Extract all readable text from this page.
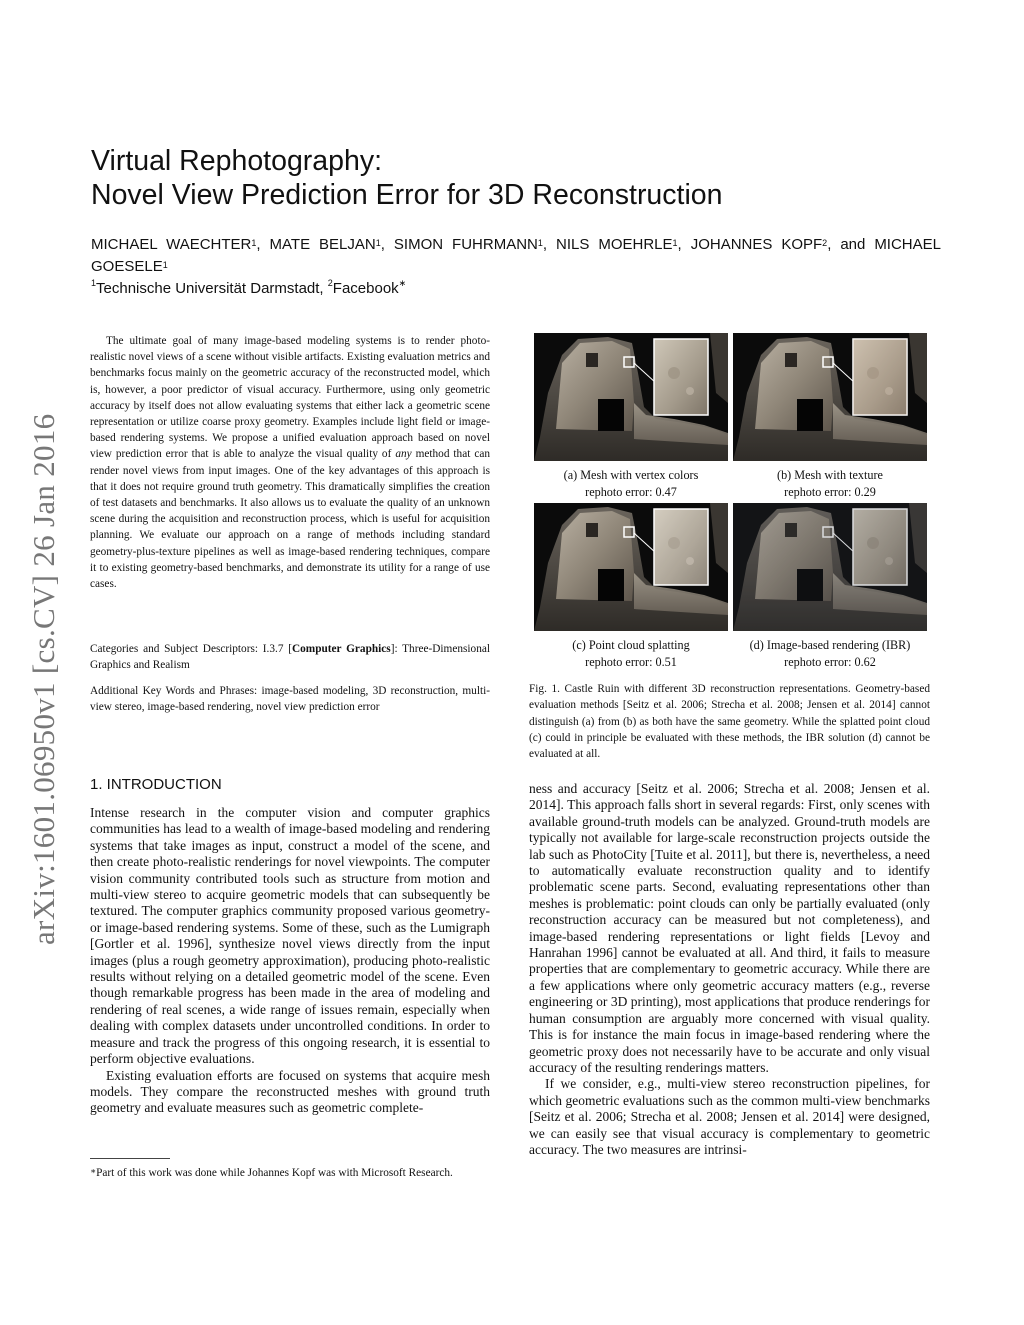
arXiv:1601.06950v1 [cs.CV] 26 Jan 2016
Virtual Rephotography:
Novel View Prediction Error for 3D Reconstruction
MICHAEL WAECHTER$^1$, MATE BELJAN$^1$, SIMON FUHRMANN$^1$, NILS MOEHRLE$^1$, JOHANNES KOPF$^2$, and MICHAEL GOESELE$^1$
$^1$Technische Universität Darmstadt, $^2$Facebook∗

The ultimate goal of many image-based modeling systems is to render photo-realistic novel views of a scene without visible artifacts. Existing evaluation metrics and benchmarks focus mainly on the geometric accuracy of the reconstructed model, which is, however, a poor predictor of visual accuracy. Furthermore, using only geometric accuracy by itself does not allow evaluating systems that either lack a geometric scene representation or utilize coarse proxy geometry. Examples include light field or image-based rendering systems. We propose a unified evaluation approach based on novel view prediction error that is able to analyze the visual quality of any method that can render novel views from input images. One of the key advantages of this approach is that it does not require ground truth geometry. This dramatically simplifies the creation of test datasets and benchmarks. It also allows us to evaluate the quality of an unknown scene during the acquisition and reconstruction process, which is useful for acquisition planning. We evaluate our approach on a range of methods including standard geometry-plus-texture pipelines as well as image-based rendering techniques, compare it to existing geometry-based benchmarks, and demonstrate its utility for a range of use cases.

Categories and Subject Descriptors: I.3.7 [Computer Graphics]: Three-Dimensional Graphics and Realism

Additional Key Words and Phrases: image-based modeling, 3D reconstruction, multi-view stereo, image-based rendering, novel view prediction error

1. INTRODUCTION

Intense research in the computer vision and computer graphics communities has lead to a wealth of image-based modeling and rendering systems that take images as input, construct a model of the scene, and then create photo-realistic renderings for novel viewpoints. The computer vision community contributed tools such as structure from motion and multi-view stereo to acquire geometric models that can subsequently be textured. The computer graphics community proposed various geometry- or image-based rendering systems. Some of these, such as the Lumigraph [Gortler et al. 1996], synthesize novel views directly from the input images (plus a rough geometry approximation), producing photo-realistic results without relying on a detailed geometric model of the scene. Even though remarkable progress has been made in the area of modeling and rendering of real scenes, a wide range of issues remain, especially when dealing with complex datasets under uncontrolled conditions. In order to measure and track the progress of this ongoing research, it is essential to perform objective evaluations.

Existing evaluation efforts are focused on systems that acquire mesh models. They compare the reconstructed meshes with ground truth geometry and evaluate measures such as geometric complete-

∗Part of this work was done while Johannes Kopf was with Microsoft Research.

(a) Mesh with vertex colors
rephoto error: 0.47
(b) Mesh with texture
rephoto error: 0.29
(c) Point cloud splatting
rephoto error: 0.51
(d) Image-based rendering (IBR)
rephoto error: 0.62

Fig. 1. Castle Ruin with different 3D reconstruction representations. Geometry-based evaluation methods [Seitz et al. 2006; Strecha et al. 2008; Jensen et al. 2014] cannot distinguish (a) from (b) as both have the same geometry. While the splatted point cloud (c) could in principle be evaluated with these methods, the IBR solution (d) cannot be evaluated at all.

ness and accuracy [Seitz et al. 2006; Strecha et al. 2008; Jensen et al. 2014]. This approach falls short in several regards: First, only scenes with available ground-truth models can be analyzed. Ground-truth models are typically not available for large-scale reconstruction projects outside the lab such as PhotoCity [Tuite et al. 2011], but there is, nevertheless, a need to automatically evaluate reconstruction quality and to identify problematic scene parts. Second, evaluating representations other than meshes is problematic: point clouds can only be partially evaluated (only reconstruction accuracy can be measured but not completeness), and image-based rendering representations or light fields [Levoy and Hanrahan 1996] cannot be evaluated at all. And third, it fails to measure properties that are complementary to geometric accuracy. While there are a few applications where only geometric accuracy matters (e.g., reverse engineering or 3D printing), most applications that produce renderings for human consumption are arguably more concerned with visual quality. This is for instance the main focus in image-based rendering where the geometric proxy does not necessarily have to be accurate and only visual accuracy of the resulting renderings matters.

If we consider, e.g., multi-view stereo reconstruction pipelines, for which geometric evaluations such as the common multi-view benchmarks [Seitz et al. 2006; Strecha et al. 2008; Jensen et al. 2014] were designed, we can easily see that visual accuracy is complementary to geometric accuracy. The two measures are intrinsi-
